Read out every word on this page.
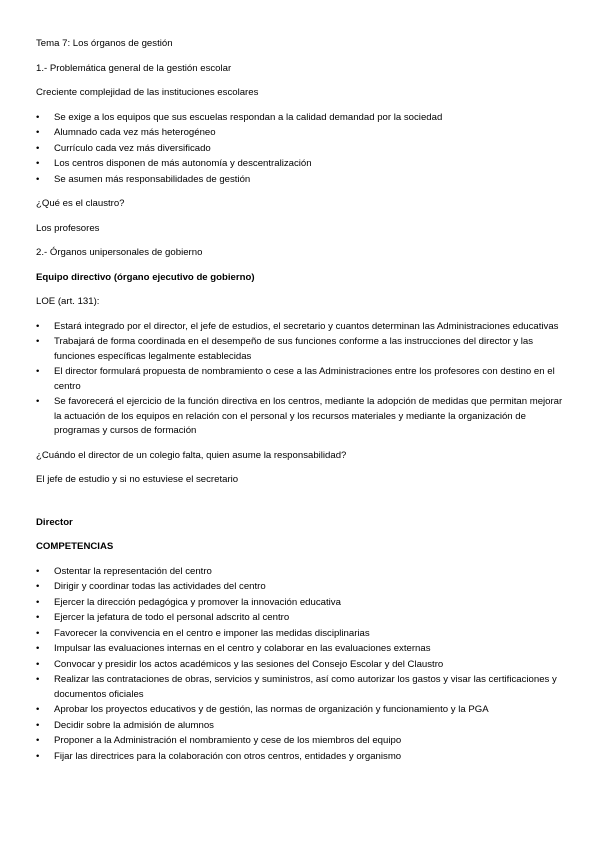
Tema 7: Los órganos de gestión

1.- Problemática general de la gestión escolar

Creciente complejidad de las instituciones escolares

• Se exige a los equipos que sus escuelas respondan a la calidad demandad por la sociedad
• Alumnado cada vez más heterogéneo
• Currículo cada vez más diversificado
• Los centros disponen de más autonomía y descentralización
• Se asumen más responsabilidades de gestión

¿Qué es el claustro?

Los profesores

2.- Órganos unipersonales de gobierno

Equipo directivo (órgano ejecutivo de gobierno)

LOE (art. 131):

• Estará integrado por el director, el jefe de estudios, el secretario y cuantos determinan las Administraciones educativas
• Trabajará de forma coordinada en el desempeño de sus funciones conforme a las instrucciones del director y las funciones específicas legalmente establecidas
• El director formulará propuesta de nombramiento o cese a las Administraciones entre los profesores con destino en el centro
• Se favorecerá el ejercicio de la función directiva en los centros, mediante la adopción de medidas que permitan mejorar la actuación de los equipos en relación con el personal y los recursos materiales y mediante la organización de programas y cursos de formación

¿Cuándo el director de un colegio falta, quien asume la responsabilidad?

El jefe de estudio y si no estuviese el secretario

Director

COMPETENCIAS

• Ostentar la representación del centro
• Dirigir y coordinar todas las actividades del centro
• Ejercer la dirección pedagógica y promover la innovación educativa
• Ejercer la jefatura de todo el personal adscrito al centro
• Favorecer la convivencia en el centro e imponer las medidas disciplinarias
• Impulsar las evaluaciones internas en el centro y colaborar en las evaluaciones externas
• Convocar y presidir los actos académicos y las sesiones del Consejo Escolar y del Claustro
• Realizar las contrataciones de obras, servicios y suministros, así como autorizar los gastos y visar las certificaciones y documentos oficiales
• Aprobar los proyectos educativos y de gestión, las normas de organización y funcionamiento y la PGA
• Decidir sobre la admisión de alumnos
• Proponer a la Administración el nombramiento y cese de los miembros del equipo
• Fijar las directrices para la colaboración con otros centros, entidades y organismo
